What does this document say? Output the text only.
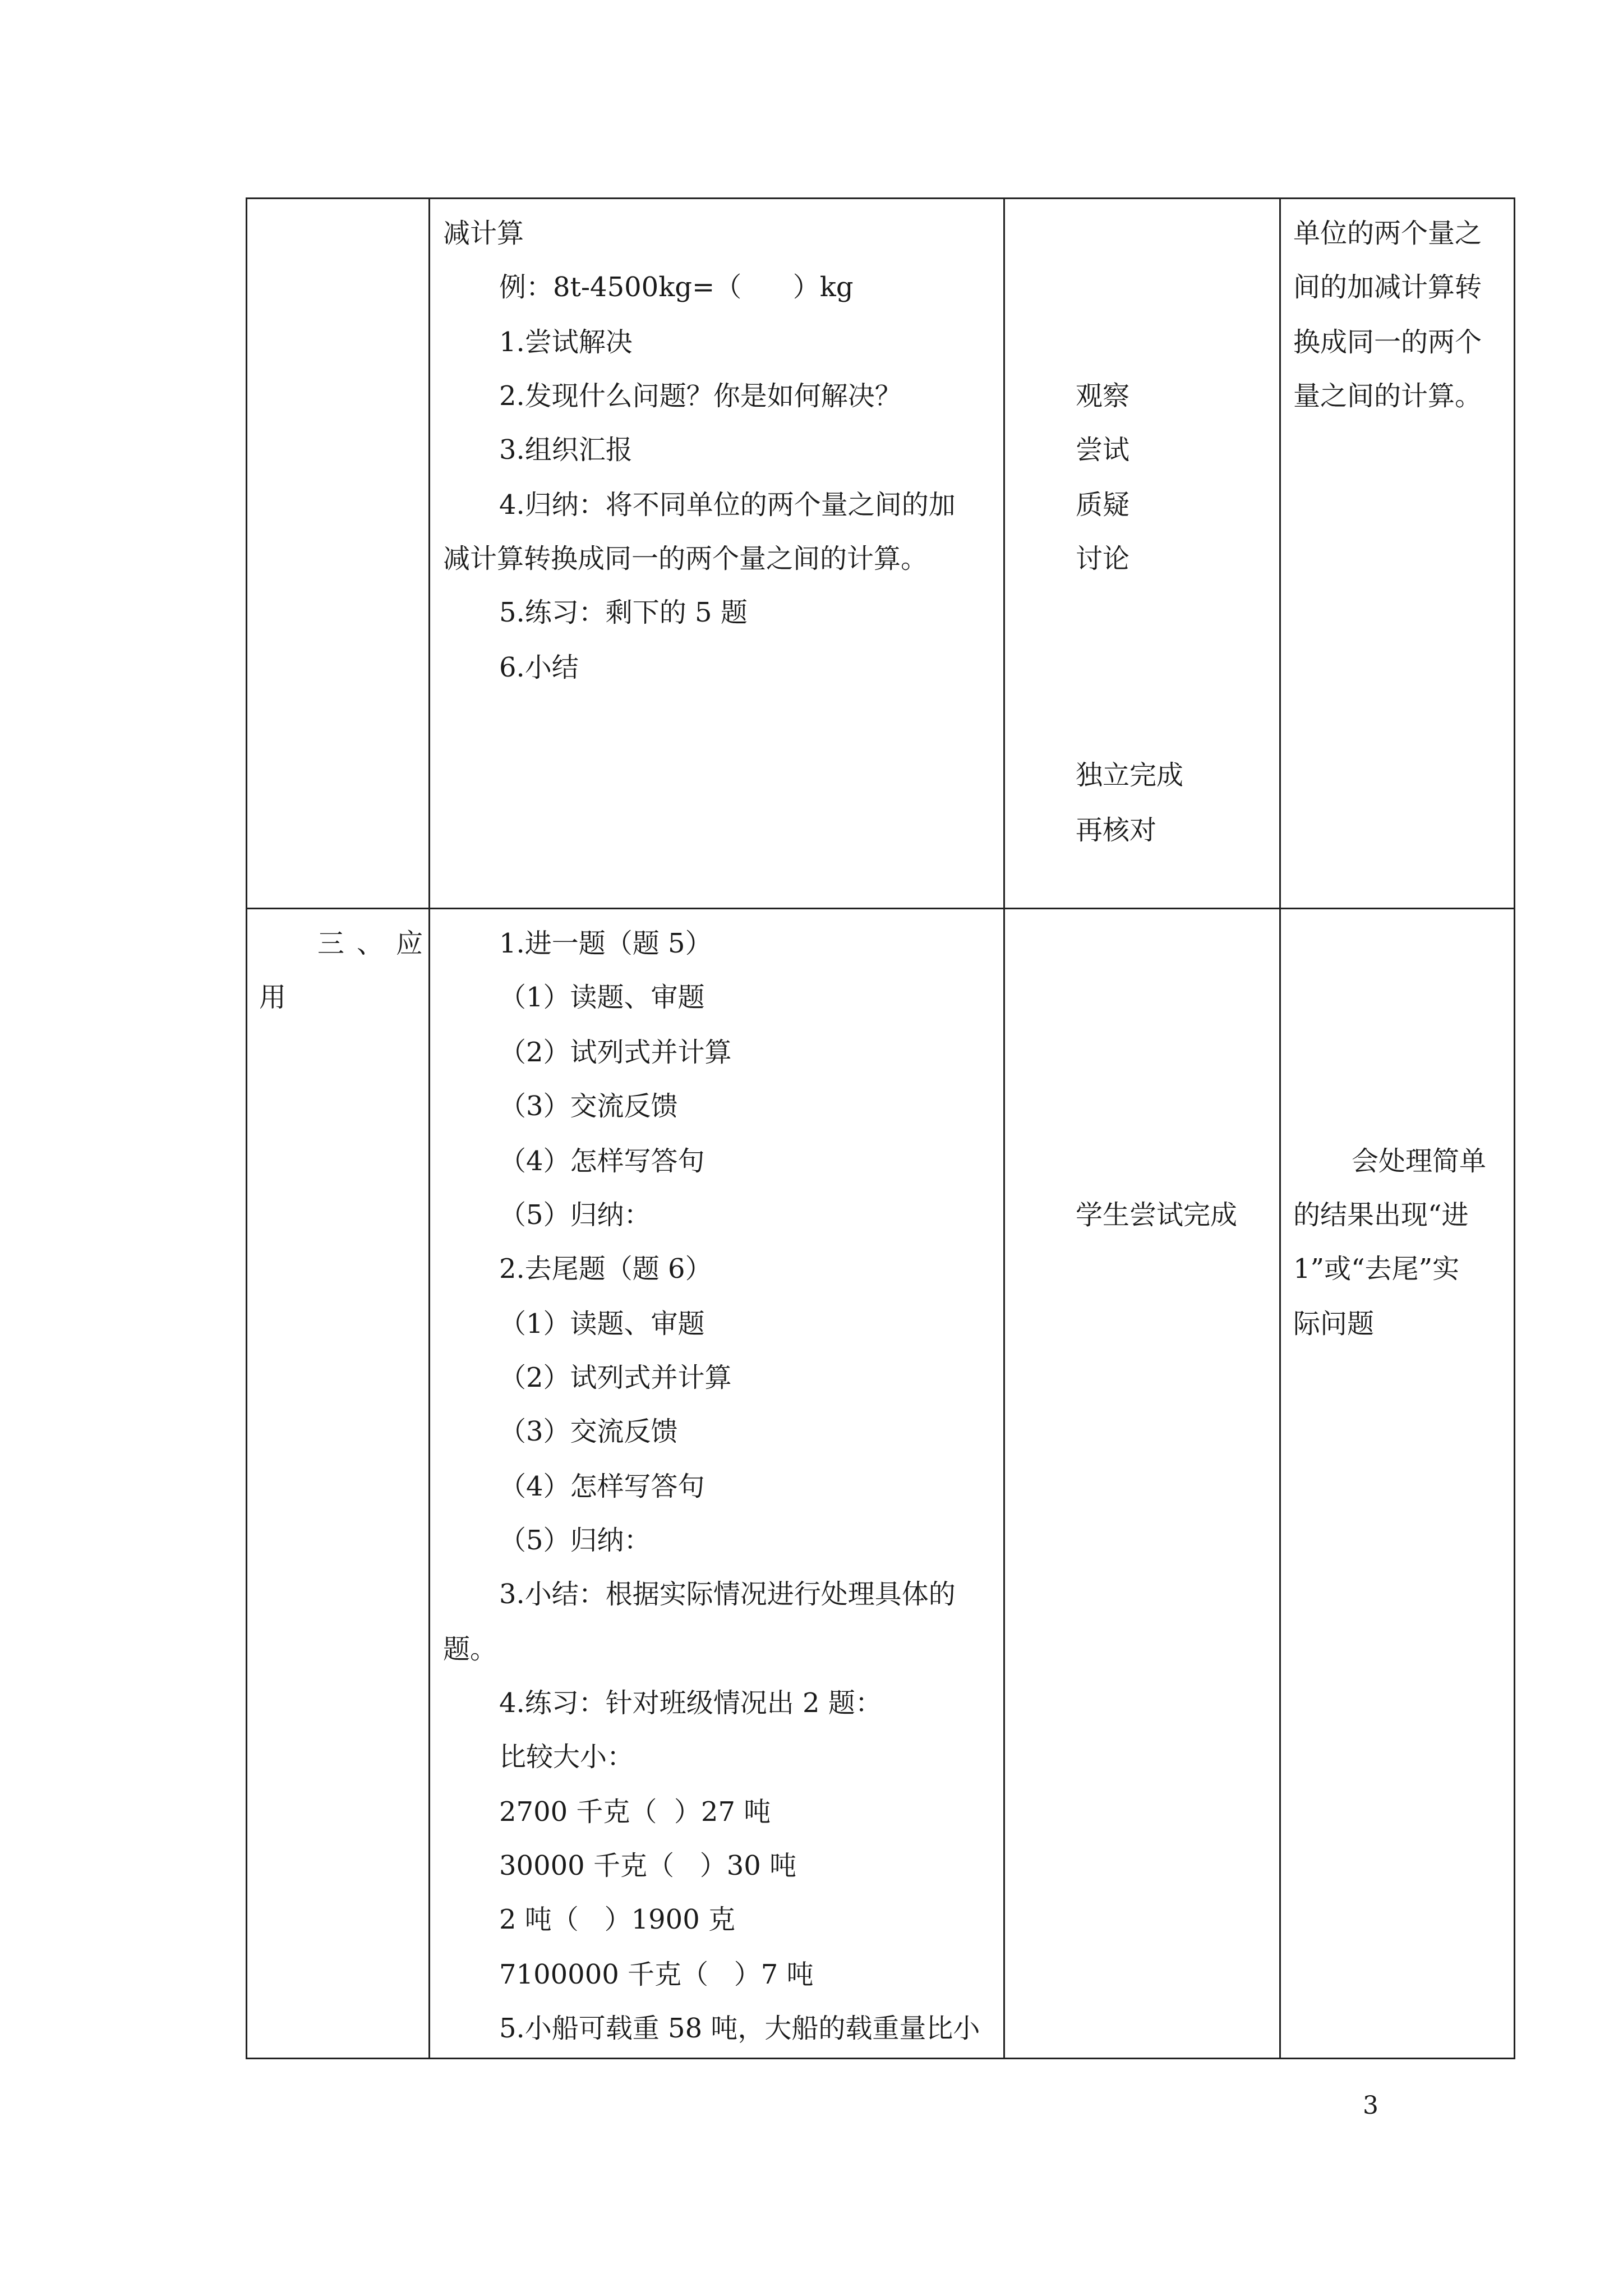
减计算
例：8t-4500kg=（      ）kg
1.尝试解决
2.发现什么问题？你是如何解决？
3.组织汇报
4.归纳：将不同单位的两个量之间的加
减计算转换成同一的两个量之间的计算。
5.练习：剩下的 5 题
6.小结
观察
尝试
质疑
讨论
独立完成
再核对
单位的两个量之
间的加减计算转
换成同一的两个
量之间的计算。
三、应
用
1.进一题（题 5）
（1）读题、审题
（2）试列式并计算
（3）交流反馈
（4）怎样写答句
（5）归纳：
2.去尾题（题 6）
（1）读题、审题
（2）试列式并计算
（3）交流反馈
（4）怎样写答句
（5）归纳：
3.小结：根据实际情况进行处理具体的
题。
4.练习：针对班级情况出 2 题：
比较大小：
2700 千克（  ）27 吨
30000 千克（   ）30 吨
2 吨（   ）1900 克
7100000 千克（   ）7 吨
5.小船可载重 58 吨，大船的载重量比小
学生尝试完成
会处理简单
的结果出现“进
1”或“去尾”实
际问题
3
